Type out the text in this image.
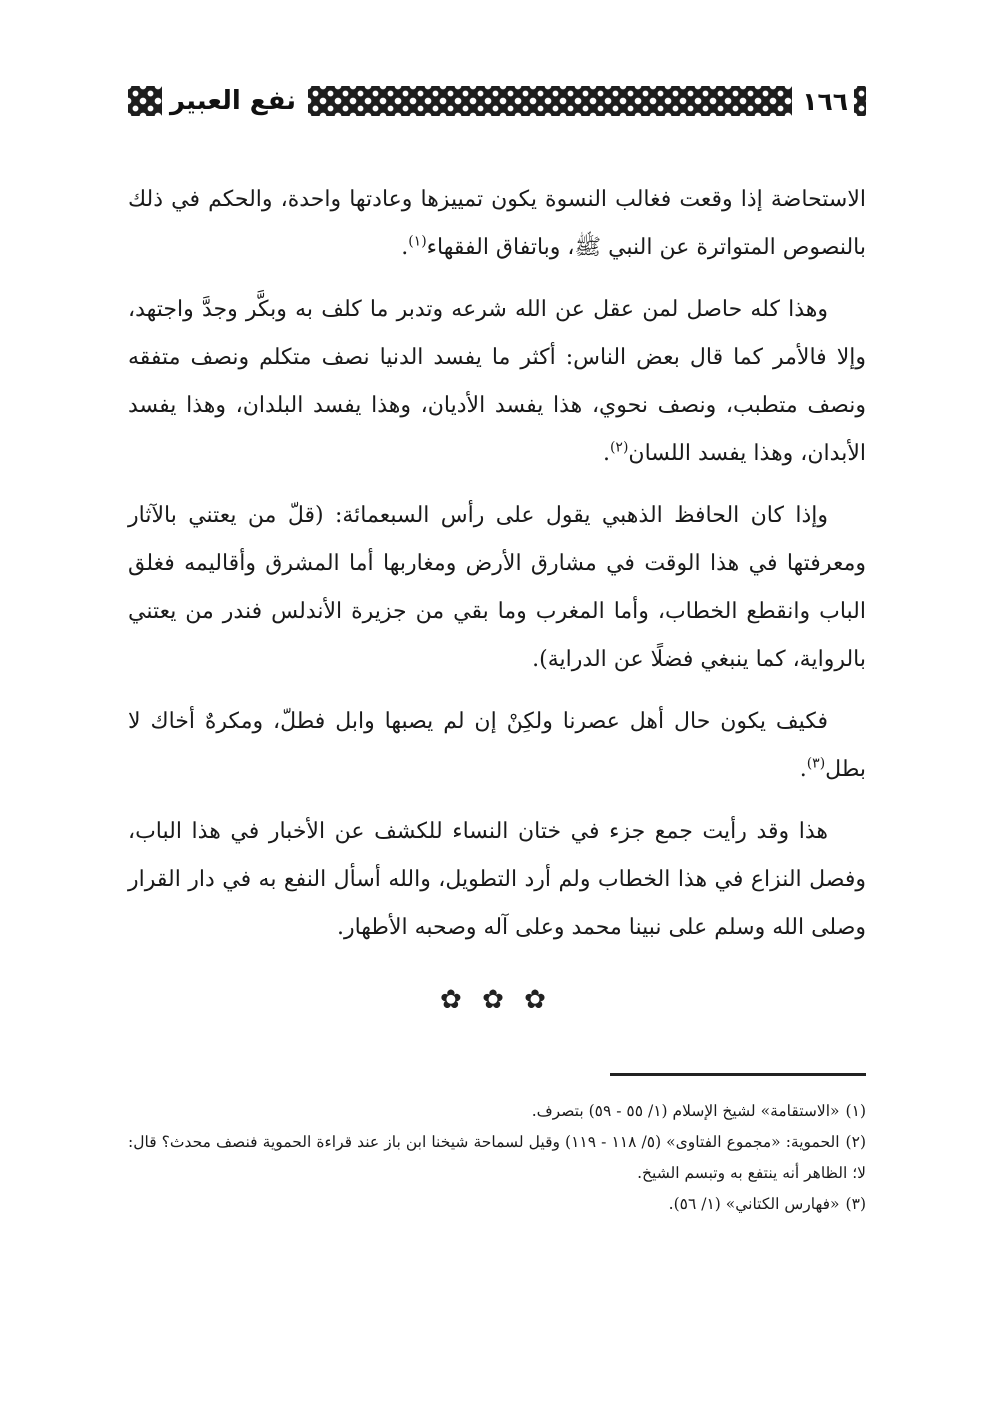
١٦٦
نفع العبير

الاستحاضة إذا وقعت فغالب النسوة يكون تمييزها وعادتها واحدة، والحكم في ذلك بالنصوص المتواترة عن النبي ﷺ، وباتفاق الفقهاء$^{(١)}$.

وهذا كله حاصل لمن عقل عن الله شرعه وتدبر ما كلف به وبكَّر وجدَّ واجتهد، وإلا فالأمر كما قال بعض الناس: أكثر ما يفسد الدنيا نصف متكلم ونصف متفقه ونصف متطبب، ونصف نحوي، هذا يفسد الأديان، وهذا يفسد البلدان، وهذا يفسد الأبدان، وهذا يفسد اللسان$^{(٢)}$.

وإذا كان الحافظ الذهبي يقول على رأس السبعمائة: (قلّ من يعتني بالآثار ومعرفتها في هذا الوقت في مشارق الأرض ومغاربها أما المشرق وأقاليمه فغلق الباب وانقطع الخطاب، وأما المغرب وما بقي من جزيرة الأندلس فندر من يعتني بالرواية، كما ينبغي فضلًا عن الدراية).

فكيف يكون حال أهل عصرنا ولكِنْ إن لم يصبها وابل فطلّ، ومكرهٌ أخاك لا بطل$^{(٣)}$.

هذا وقد رأيت جمع جزء في ختان النساء للكشف عن الأخبار في هذا الباب، وفصل النزاع في هذا الخطاب ولم أرد التطويل، والله أسأل النفع به في دار القرار وصلى الله وسلم على نبينا محمد وعلى آله وصحبه الأطهار.

✿ ✿ ✿

(١)«الاستقامة» لشيخ الإسلام (١/ ٥٥ - ٥٩) بتصرف.

(٢)الحموية: «مجموع الفتاوى» (٥/ ١١٨ - ١١٩) وقيل لسماحة شيخنا ابن باز عند قراءة الحموية فنصف محدث؟ قال: لا؛ الظاهر أنه ينتفع به وتبسم الشيخ.

(٣)«فهارس الكتاني» (١/ ٥٦).
